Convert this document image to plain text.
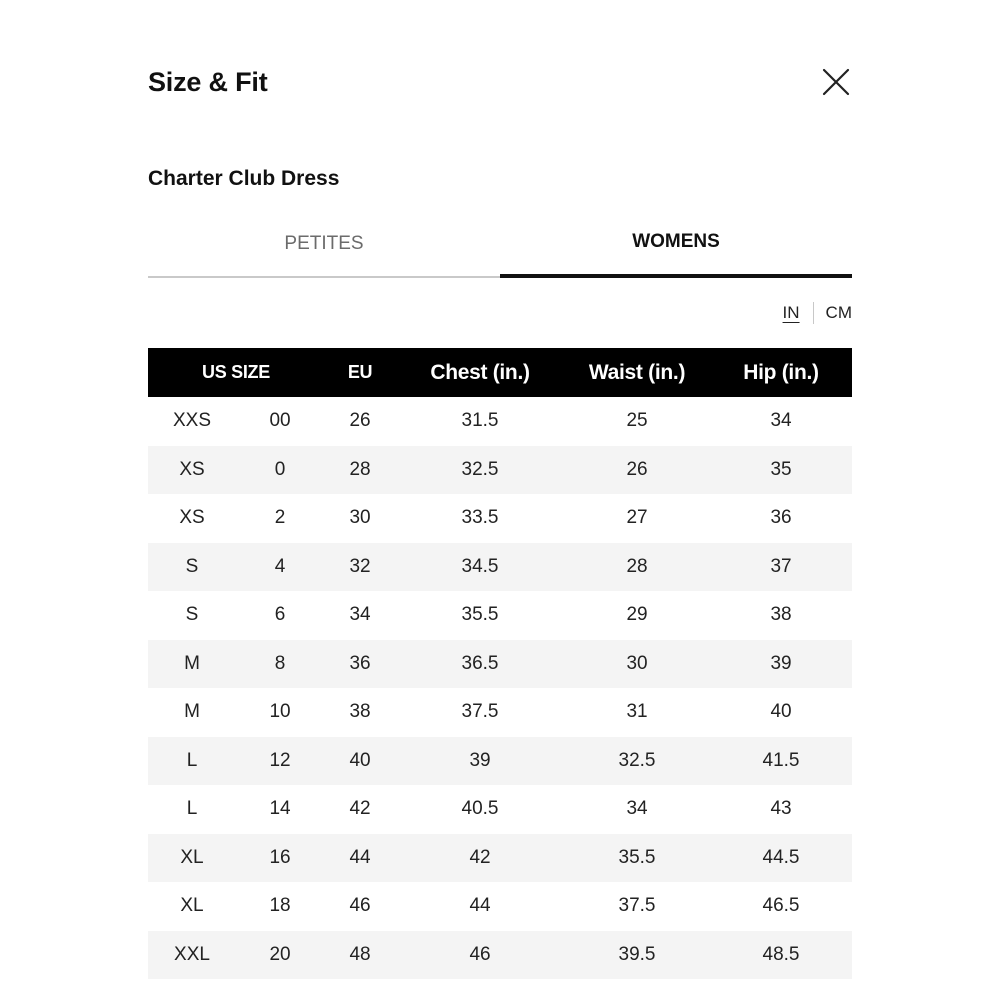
Size & Fit
Charter Club Dress
PETITES	WOMENS
IN CM
US SIZE		EU	Chest (in.)	Waist (in.)	Hip (in.)
XXS	00	26	31.5	25	34
XS	0	28	32.5	26	35
XS	2	30	33.5	27	36
S	4	32	34.5	28	37
S	6	34	35.5	29	38
M	8	36	36.5	30	39
M	10	38	37.5	31	40
L	12	40	39	32.5	41.5
L	14	42	40.5	34	43
XL	16	44	42	35.5	44.5
XL	18	46	44	37.5	46.5
XXL	20	48	46	39.5	48.5
